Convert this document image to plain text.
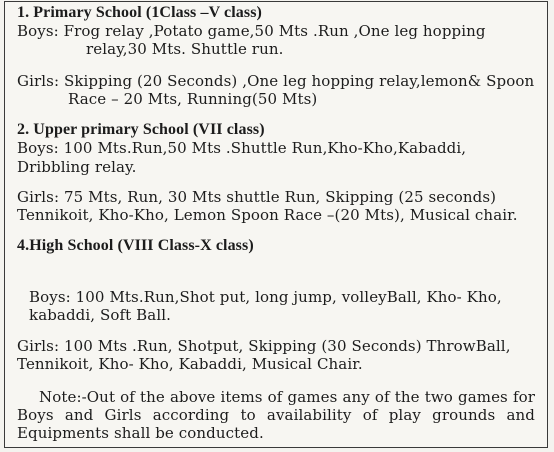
1. Primary School (1Class –V class)
Boys: Frog relay ,Potato game,50 Mts .Run ,One leg hopping
relay,30 Mts. Shuttle run.
Girls: Skipping (20 Seconds) ,One leg hopping relay,lemon& Spoon
Race – 20 Mts, Running(50 Mts)
2. Upper primary School (VII class)
Boys: 100 Mts.Run,50 Mts .Shuttle Run,Kho-Kho,Kabaddi,
Dribbling relay.
Girls: 75 Mts, Run, 30 Mts shuttle Run, Skipping (25 seconds)
Tennikoit, Kho-Kho, Lemon Spoon Race –(20 Mts), Musical chair.
4.High School (VIII Class-X class)
Boys: 100 Mts.Run,Shot put, long jump, volleyBall, Kho- Kho,
kabaddi, Soft Ball.
Girls: 100 Mts .Run, Shotput, Skipping (30 Seconds) ThrowBall,
Tennikoit, Kho- Kho, Kabaddi, Musical Chair.
Note:-Out of the above items of games any of the two games for
Boys and Girls according to availability of play grounds and
Equipments shall be conducted.
